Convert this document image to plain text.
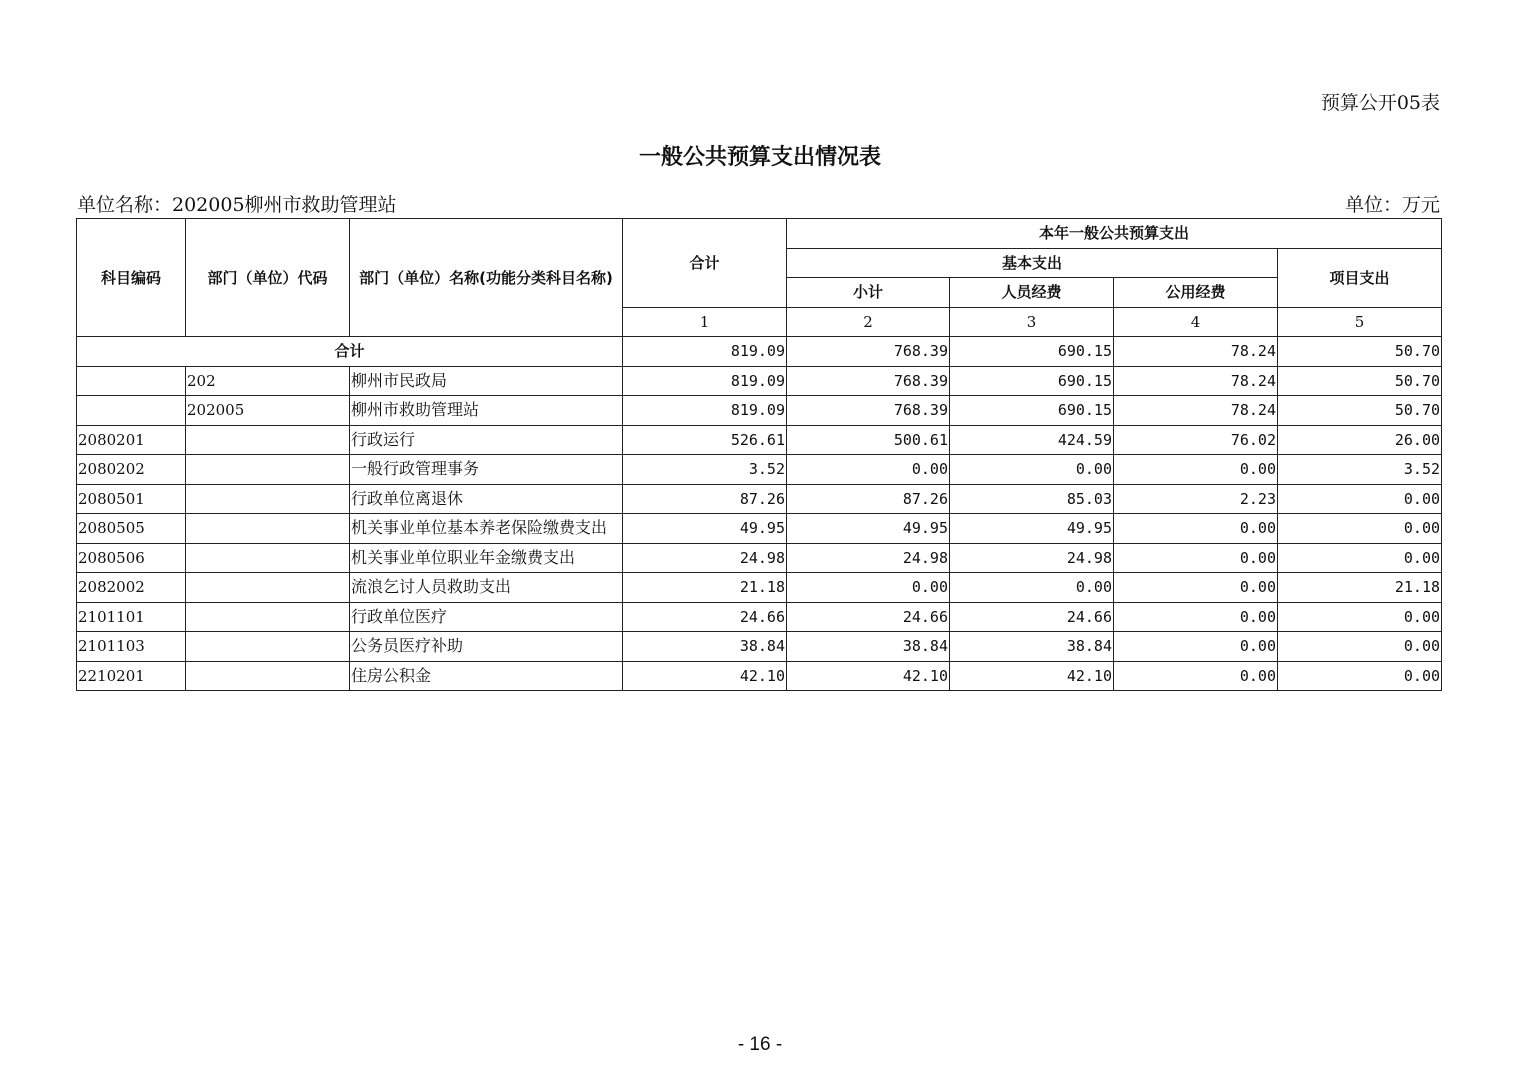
预算公开05表
一般公共预算支出情况表
单位名称：202005柳州市救助管理站	单位：万元
科目编码	部门（单位）代码	部门（单位）名称(功能分类科目名称)	合计	本年一般公共预算支出			
				基本支出			项目支出
				小计	人员经费	公用经费	
			1	2	3	4	5
合计			819.09	768.39	690.15	78.24	50.70
	202	柳州市民政局	819.09	768.39	690.15	78.24	50.70
	202005	柳州市救助管理站	819.09	768.39	690.15	78.24	50.70
2080201		行政运行	526.61	500.61	424.59	76.02	26.00
2080202		一般行政管理事务	3.52	0.00	0.00	0.00	3.52
2080501		行政单位离退休	87.26	87.26	85.03	2.23	0.00
2080505		机关事业单位基本养老保险缴费支出	49.95	49.95	49.95	0.00	0.00
2080506		机关事业单位职业年金缴费支出	24.98	24.98	24.98	0.00	0.00
2082002		流浪乞讨人员救助支出	21.18	0.00	0.00	0.00	21.18
2101101		行政单位医疗	24.66	24.66	24.66	0.00	0.00
2101103		公务员医疗补助	38.84	38.84	38.84	0.00	0.00
2210201		住房公积金	42.10	42.10	42.10	0.00	0.00
- 16 -
